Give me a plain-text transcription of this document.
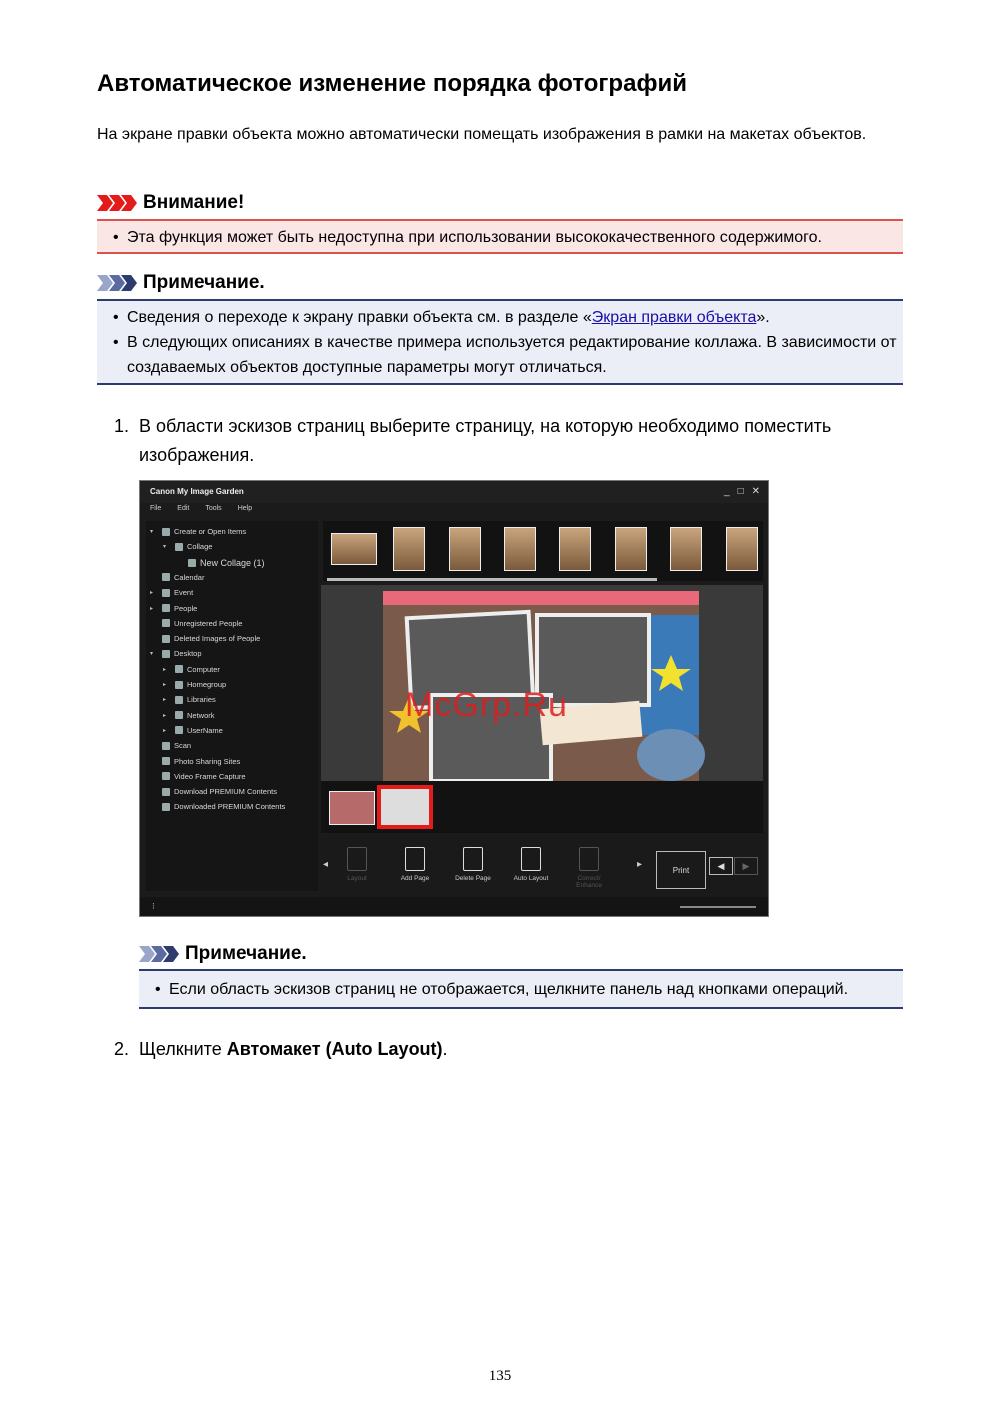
Автоматическое изменение порядка фотографий
На экране правки объекта можно автоматически помещать изображения в рамки на макетах объектов.
Внимание!
• Эта функция может быть недоступна при использовании высококачественного содержимого.
Примечание.
• Сведения о переходе к экрану правки объекта см. в разделе «Экран правки объекта».
• В следующих описаниях в качестве примера используется редактирование коллажа. В зависимости от создаваемых объектов доступные параметры могут отличаться.
1. В области эскизов страниц выберите страницу, на которую необходимо поместить изображения.
Canon My Image Garden	_ □ ✕
File Edit Tools Help
▾	Create or Open Items
▾	Collage
New Collage (1)
Calendar
▸	Event
▸	People
Unregistered People
Deleted Images of People
▾	Desktop
▸	Computer
▸	Homegroup
▸	Libraries
▸	Network
▸	UserName
Scan
Photo Sharing Sites
Video Frame Capture
Download PREMIUM Contents
Downloaded PREMIUM Contents
◂
Layout	Add Page	Delete Page	Auto Layout	Correct/ Enhance
▸	Print	◀	▶
⁝
McGrp.Ru
Примечание.
• Если область эскизов страниц не отображается, щелкните панель над кнопками операций.
2. Щелкните Автомакет (Auto Layout).
135
